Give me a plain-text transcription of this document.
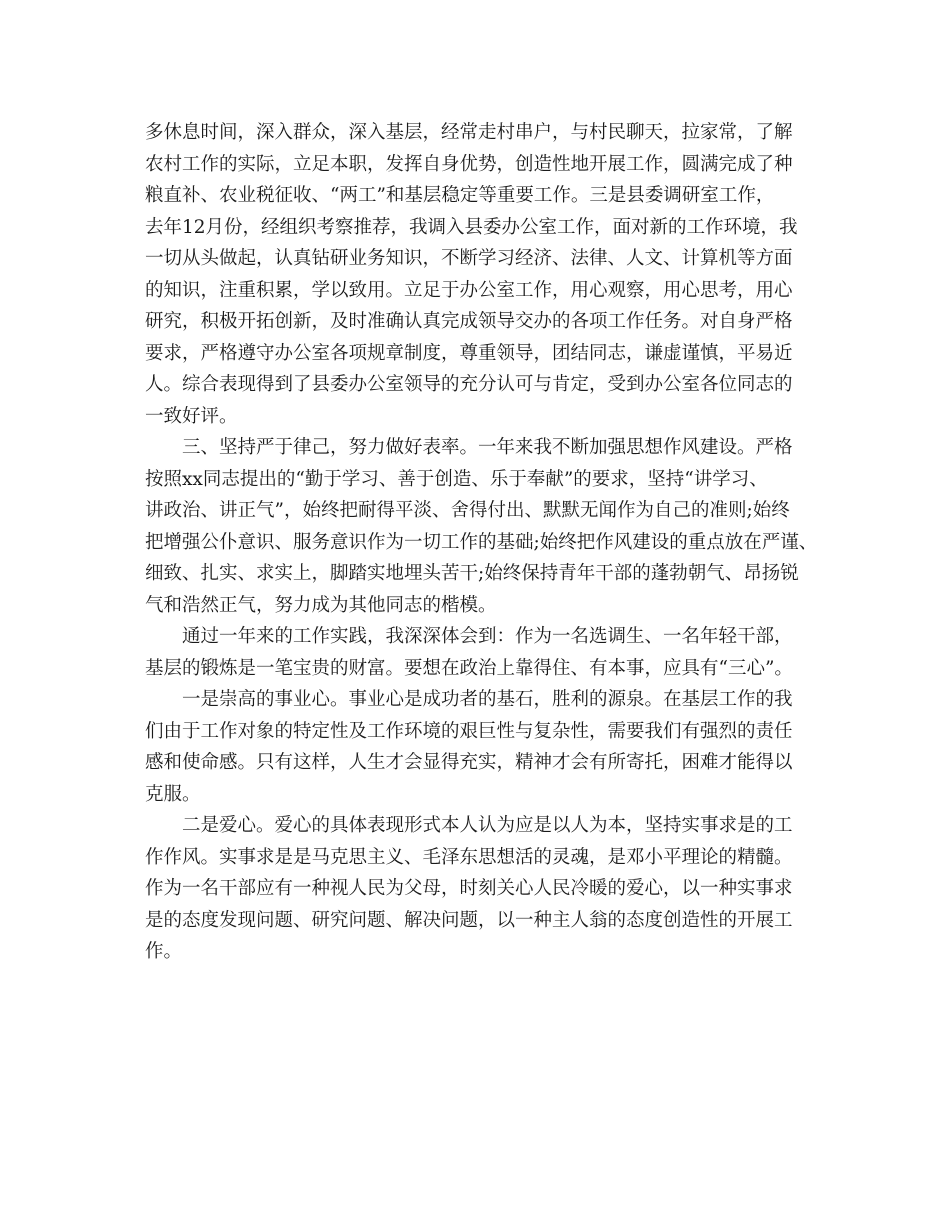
多休息时间，深入群众，深入基层，经常走村串户，与村民聊天，拉家常，了解
农村工作的实际，立足本职，发挥自身优势，创造性地开展工作，圆满完成了种
粮直补、农业税征收、“两工”和基层稳定等重要工作。三是县委调研室工作，
去年12月份，经组织考察推荐，我调入县委办公室工作，面对新的工作环境，我
一切从头做起，认真钻研业务知识，不断学习经济、法律、人文、计算机等方面
的知识，注重积累，学以致用。立足于办公室工作，用心观察，用心思考，用心
研究，积极开拓创新，及时准确认真完成领导交办的各项工作任务。对自身严格
要求，严格遵守办公室各项规章制度，尊重领导，团结同志，谦虚谨慎，平易近
人。综合表现得到了县委办公室领导的充分认可与肯定，受到办公室各位同志的
一致好评。
　　三、坚持严于律己，努力做好表率。一年来我不断加强思想作风建设。严格
按照xx同志提出的“勤于学习、善于创造、乐于奉献”的要求，坚持“讲学习、
讲政治、讲正气”，始终把耐得平淡、舍得付出、默默无闻作为自己的准则;始终
把增强公仆意识、服务意识作为一切工作的基础;始终把作风建设的重点放在严谨、
细致、扎实、求实上，脚踏实地埋头苦干;始终保持青年干部的蓬勃朝气、昂扬锐
气和浩然正气，努力成为其他同志的楷模。
　　通过一年来的工作实践，我深深体会到：作为一名选调生、一名年轻干部，
基层的锻炼是一笔宝贵的财富。要想在政治上靠得住、有本事，应具有“三心”。
　　一是崇高的事业心。事业心是成功者的基石，胜利的源泉。在基层工作的我
们由于工作对象的特定性及工作环境的艰巨性与复杂性，需要我们有强烈的责任
感和使命感。只有这样，人生才会显得充实，精神才会有所寄托，困难才能得以
克服。
　　二是爱心。爱心的具体表现形式本人认为应是以人为本，坚持实事求是的工
作作风。实事求是是马克思主义、毛泽东思想活的灵魂，是邓小平理论的精髓。
作为一名干部应有一种视人民为父母，时刻关心人民冷暖的爱心，以一种实事求
是的态度发现问题、研究问题、解决问题，以一种主人翁的态度创造性的开展工
作。
